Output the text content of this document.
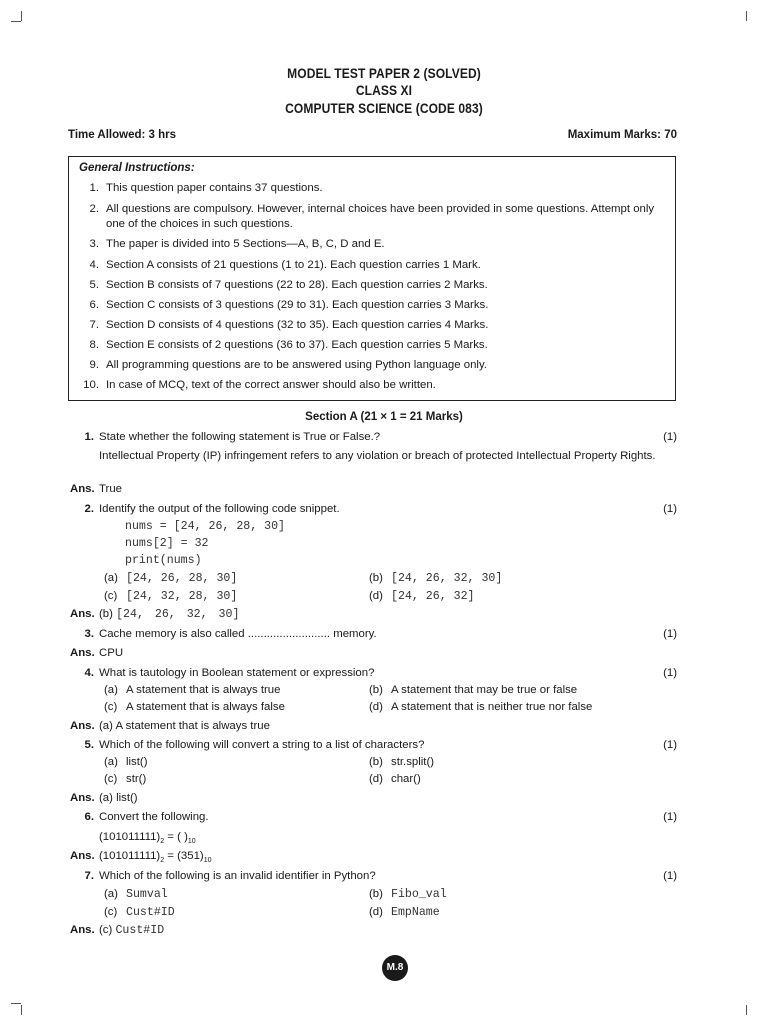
MODEL TEST PAPER 2 (SOLVED)
CLASS XI
COMPUTER SCIENCE (CODE 083)
Time Allowed: 3 hrs	Maximum Marks: 70
General Instructions:
1. This question paper contains 37 questions.
2. All questions are compulsory. However, internal choices have been provided in some questions. Attempt only one of the choices in such questions.
3. The paper is divided into 5 Sections—A, B, C, D and E.
4. Section A consists of 21 questions (1 to 21). Each question carries 1 Mark.
5. Section B consists of 7 questions (22 to 28). Each question carries 2 Marks.
6. Section C consists of 3 questions (29 to 31). Each question carries 3 Marks.
7. Section D consists of 4 questions (32 to 35). Each question carries 4 Marks.
8. Section E consists of 2 questions (36 to 37). Each question carries 5 Marks.
9. All programming questions are to be answered using Python language only.
10. In case of MCQ, text of the correct answer should also be written.
Section A (21 × 1 = 21 Marks)
1. State whether the following statement is True or False.?	(1)
Intellectual Property (IP) infringement refers to any violation or breach of protected Intellectual Property Rights.
Ans. True
2. Identify the output of the following code snippet.	(1)
nums = [24, 26, 28, 30]
nums[2] = 32
print(nums)
(a) [24, 26, 28, 30]	(b) [24, 26, 32, 30]
(c) [24, 32, 28, 30]	(d) [24, 26, 32]
Ans. (b) [24, 26, 32, 30]
3. Cache memory is also called .......................... memory.	(1)
Ans. CPU
4. What is tautology in Boolean statement or expression?	(1)
(a) A statement that is always true	(b) A statement that may be true or false
(c) A statement that is always false	(d) A statement that is neither true nor false
Ans. (a) A statement that is always true
5. Which of the following will convert a string to a list of characters?	(1)
(a) list()	(b) str.split()
(c) str()	(d) char()
Ans. (a) list()
6. Convert the following.	(1)
$(101011111)_2$ = ( )$_{10}$
Ans. $(101011111)_2 = (351)_{10}$
7. Which of the following is an invalid identifier in Python?	(1)
(a) Sumval	(b) Fibo_val
(c) Cust#ID	(d) EmpName
Ans. (c) Cust#ID
M.8
